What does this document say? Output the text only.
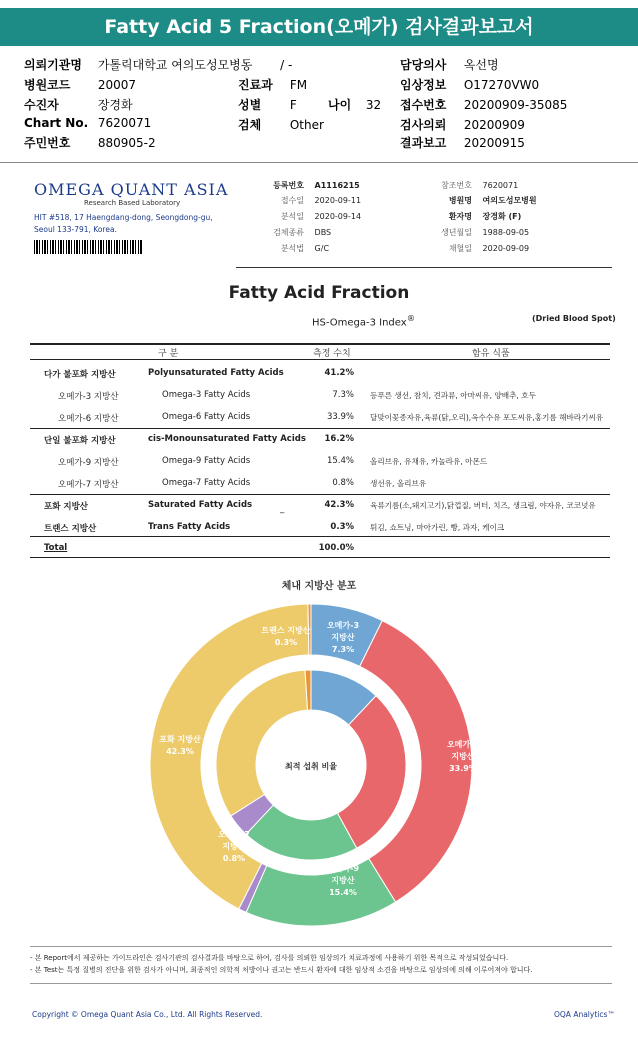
Fatty Acid 5 Fraction(오메가) 검사결과보고서
의뢰기관명 가톨릭대학교 여의도성모병동 / -	담당의사 옥선명
병원코드 20007	진료과 FM	임상정보 O17270VW0
수진자	장경화	성별 F	나이 32 접수번호 20200909-35085
Chart No. 7620071	검체 Other	검사의뢰 20200909
주민번호 880905-2	결과보고 20200915
OMEGA QUANT ASIA
Research Based Laboratory
HIT #518, 17 Haengdang-dong, Seongdong-gu,
Seoul 133-791, Korea.
등록번호 A1116215
접수일 2020-09-11
분석일 2020-09-14
검체종류 DBS
분석법 G/C
참조번호 7620071
병원명 여의도성모병원
환자명 장경화 (F)
생년월일 1988-09-05
채혈일 2020-09-09
Fatty Acid Fraction
HS-Omega-3 Index®	(Dried Blood Spot)
구 분	측정 수치	함유 식품
다가 불포화 지방산	Polyunsaturated Fatty Acids	41.2%
오메가-3 지방산	Omega-3 Fatty Acids	7.3% 등푸른 생선, 참치, 견과류, 아마씨유, 양배추, 호두
오메가-6 지방산	Omega-6 Fatty Acids	33.9% 달맞이꽃종자유,육류(닭,오리),옥수수유 포도씨유,홍기름 해바라기씨유
단일 불포화 지방산	cis-Monounsaturated Fatty Acids	16.2%
오메가-9 지방산	Omega-9 Fatty Acids	15.4% 올리브유, 유채유, 카놀라유, 아몬드
오메가-7 지방산	Omega-7 Fatty Acids	0.8% 생선유, 올리브유
포화 지방산	Saturated Fatty Acids	42.3% 육류기름(소,돼지고기),닭껍질, 버터, 치즈, 생크림, 야자유, 코코넛유
트랜스 지방산	Trans Fatty Acids	0.3% 튀김, 쇼트닝, 마아가린, 빵, 과자, 케이크
_
Total	100.0%
체내 지방산 분포
오메가-3
지방산
7.3%
오메가-6
지방산
33.9%
오메가-9
지방산
15.4%
오메가-7
지방산
0.8%
포화 지방산
42.3%
트랜스 지방산
0.3%
최적 섭취 비율
- 본 Report에서 제공하는 가이드라인은 검사기관의 검사결과를 바탕으로 하여, 검사를 의뢰한 임상의가 치료과정에 사용하기 위한 목적으로 작성되었습니다.
- 본 Test는 특정 질병의 진단을 위한 검사가 아니며, 최종적인 의학적 처방이나 권고는 반드시 환자에 대한 임상적 소견을 바탕으로 임상의에 의해 이루어져야 합니다.
Copyright © Omega Quant Asia Co., Ltd. All Rights Reserved.	OQA Analytics™
